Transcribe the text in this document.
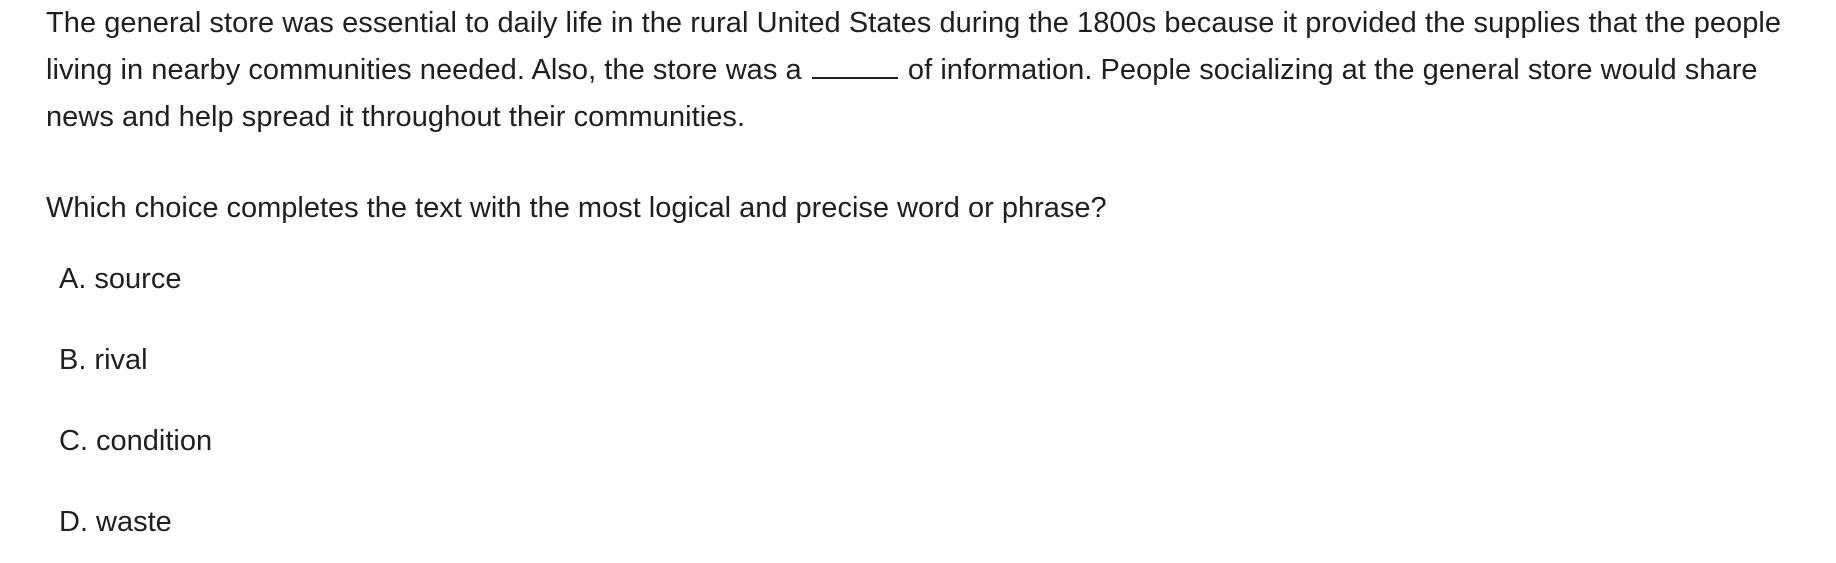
The general store was essential to daily life in the rural United States during the 1800s because it provided the supplies that the people living in nearby communities needed. Also, the store was a	of information. People socializing at the general store would share news and help spread it throughout their communities.

Which choice completes the text with the most logical and precise word or phrase?

A. source
B. rival
C. condition
D. waste
